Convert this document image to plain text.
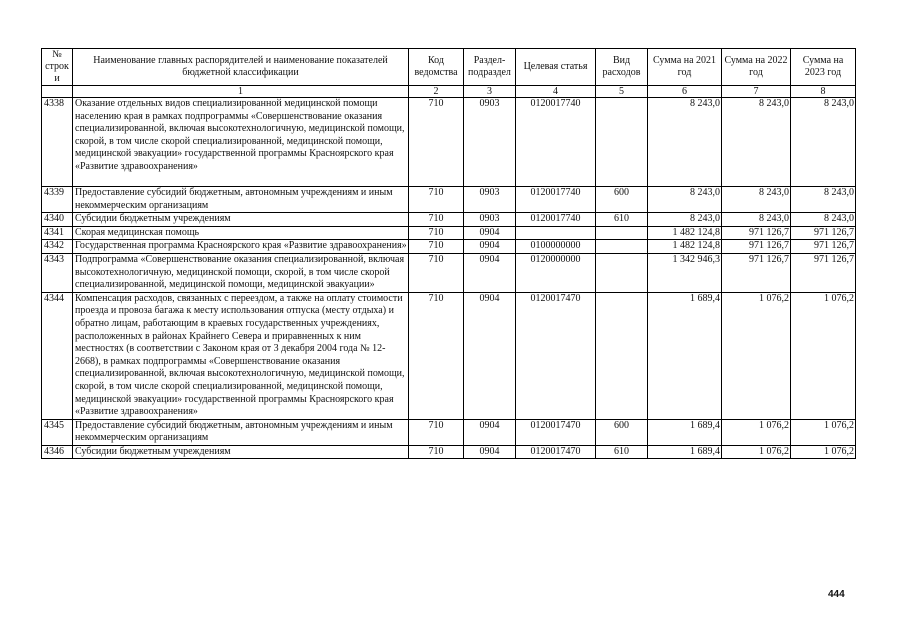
№ строки	Наименование главных распорядителей и наименование показателей бюджетной классификации	Код ведомства	Раздел-подраздел	Целевая статья	Вид расходов	Сумма на 2021 год	Сумма на 2022 год	Сумма на 2023 год
	1	2	3	4	5	6	7	8
4338	Оказание отдельных видов специализированной медицинской помощи населению края в рамках подпрограммы «Совершенствование оказания специализированной, включая высокотехнологичную, медицинской помощи, скорой, в том числе скорой специализированной, медицинской помощи, медицинской эвакуации» государственной программы Красноярского края «Развитие здравоохранения»	710	0903	0120017740		8 243,0	8 243,0	8 243,0
4339	Предоставление субсидий бюджетным, автономным учреждениям и иным некоммерческим организациям	710	0903	0120017740	600	8 243,0	8 243,0	8 243,0
4340	Субсидии бюджетным учреждениям	710	0903	0120017740	610	8 243,0	8 243,0	8 243,0
4341	Скорая медицинская помощь	710	0904			1 482 124,8	971 126,7	971 126,7
4342	Государственная программа Красноярского края «Развитие здравоохранения»	710	0904	0100000000		1 482 124,8	971 126,7	971 126,7
4343	Подпрограмма «Совершенствование оказания специализированной, включая высокотехнологичную, медицинской помощи, скорой, в том числе скорой специализированной, медицинской помощи, медицинской эвакуации»	710	0904	0120000000		1 342 946,3	971 126,7	971 126,7
4344	Компенсация расходов, связанных с переездом, а также на оплату стоимости проезда и провоза багажа к месту использования отпуска (месту отдыха) и обратно лицам, работающим в краевых государственных учреждениях, расположенных в районах Крайнего Севера и приравненных к ним местностях (в соответствии с Законом края от 3 декабря 2004 года № 12-2668), в рамках подпрограммы «Совершенствование оказания специализированной, включая высокотехнологичную, медицинской помощи, скорой, в том числе скорой специализированной, медицинской помощи, медицинской эвакуации» государственной программы Красноярского края «Развитие здравоохранения»	710	0904	0120017470		1 689,4	1 076,2	1 076,2
4345	Предоставление субсидий бюджетным, автономным учреждениям и иным некоммерческим организациям	710	0904	0120017470	600	1 689,4	1 076,2	1 076,2
4346	Субсидии бюджетным учреждениям	710	0904	0120017470	610	1 689,4	1 076,2	1 076,2
444
